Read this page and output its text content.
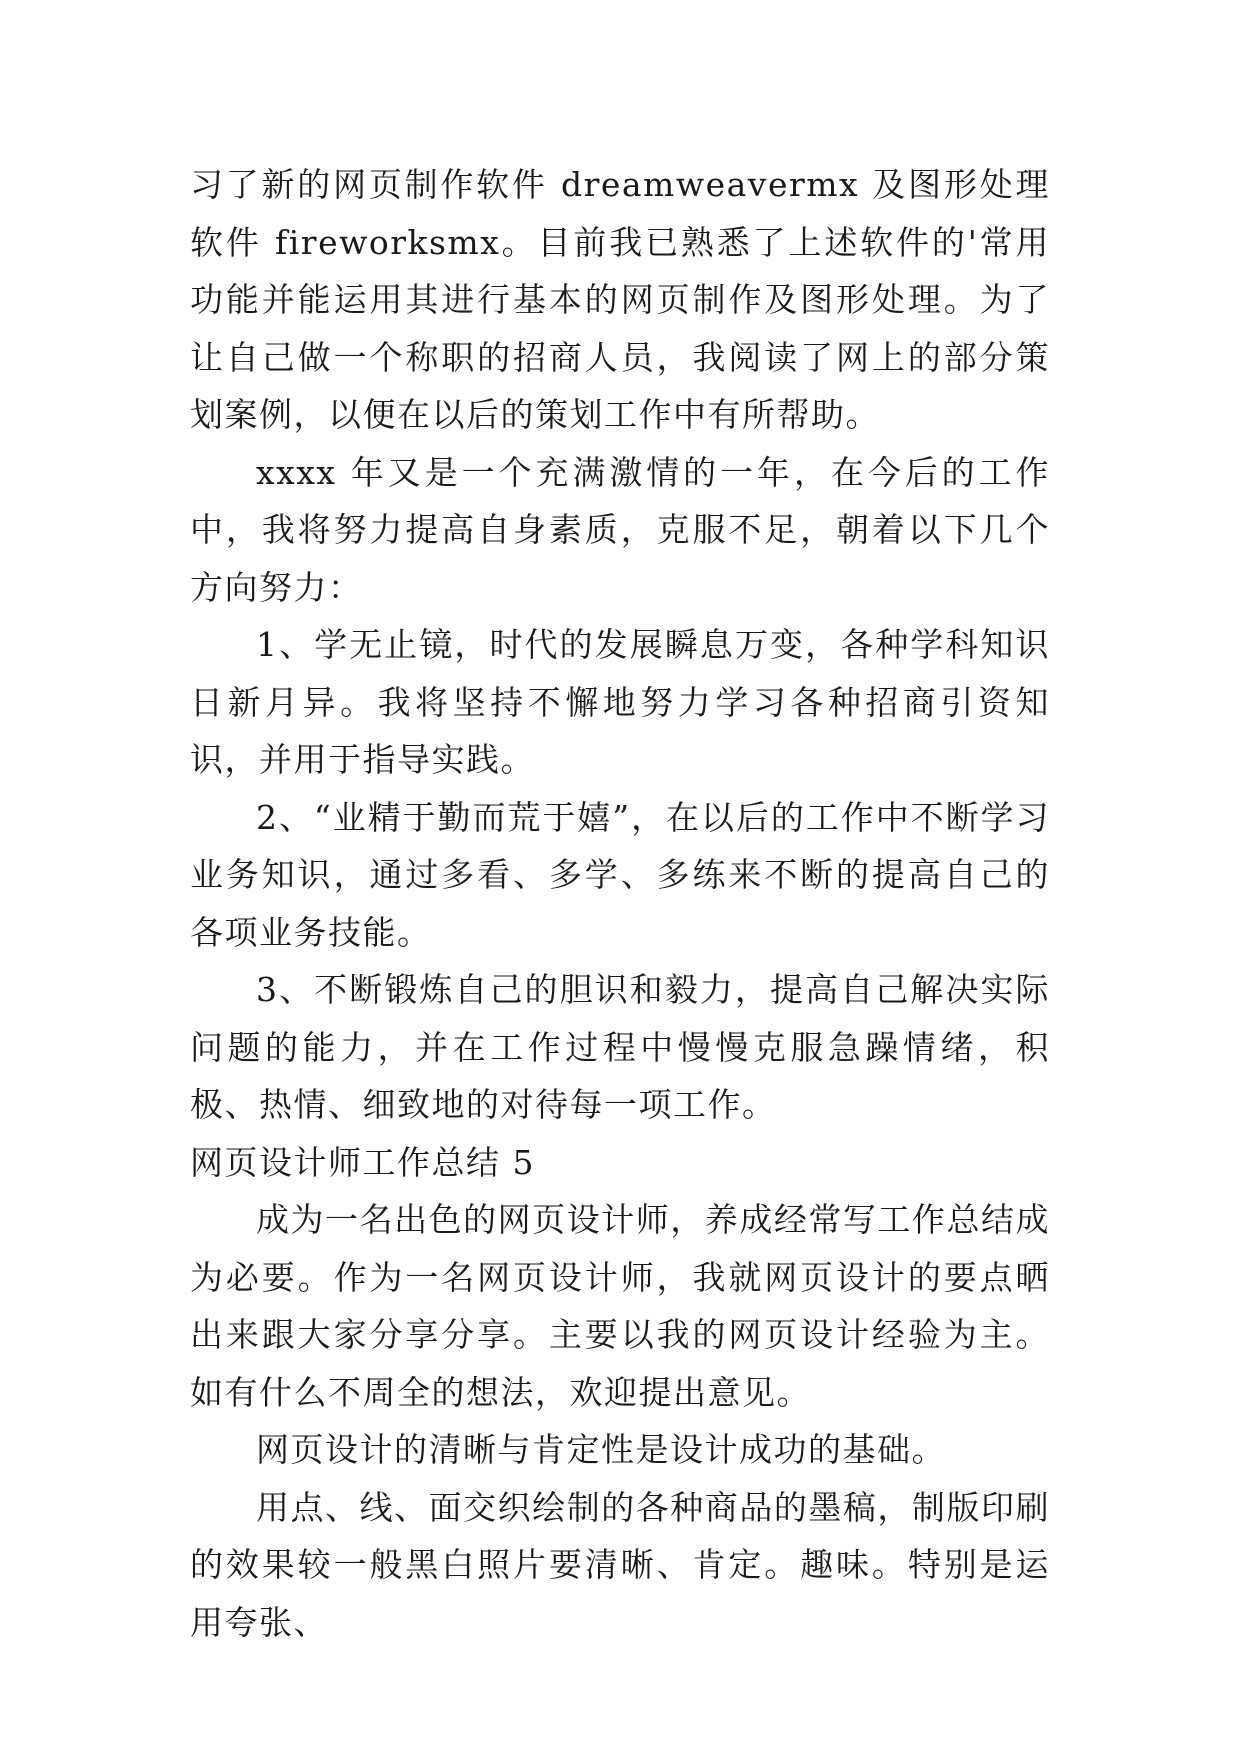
习了新的网页制作软件 dreamweavermx 及图形处理软件 fireworksmx。目前我已熟悉了上述软件的'常用功能并能运用其进行基本的网页制作及图形处理。为了让自己做一个称职的招商人员，我阅读了网上的部分策划案例，以便在以后的策划工作中有所帮助。

xxxx 年又是一个充满激情的一年，在今后的工作中，我将努力提高自身素质，克服不足，朝着以下几个方向努力：

1、学无止镜，时代的发展瞬息万变，各种学科知识日新月异。我将坚持不懈地努力学习各种招商引资知识，并用于指导实践。

2、“业精于勤而荒于嬉”，在以后的工作中不断学习业务知识，通过多看、多学、多练来不断的提高自己的各项业务技能。

3、不断锻炼自己的胆识和毅力，提高自己解决实际问题的能力，并在工作过程中慢慢克服急躁情绪，积极、热情、细致地的对待每一项工作。

网页设计师工作总结 5

成为一名出色的网页设计师，养成经常写工作总结成为必要。作为一名网页设计师，我就网页设计的要点晒出来跟大家分享分享。主要以我的网页设计经验为主。如有什么不周全的想法，欢迎提出意见。

网页设计的清晰与肯定性是设计成功的基础。

用点、线、面交织绘制的各种商品的墨稿，制版印刷的效果较一般黑白照片要清晰、肯定。趣味。特别是运用夸张、
